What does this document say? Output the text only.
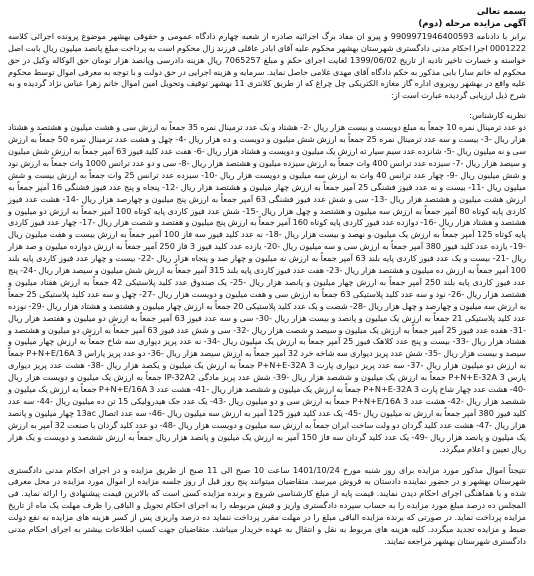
بسمه تعالی

آگهی مزایده مرحله (دوم)

برابر با دادنامه 9909971946400593 و پیرو ان مفاد برگ اجرائیه صادره از شعبه چهارم دادگاه عمومی و حقوقی بهشهر موضوع پرونده اجرائی کلاسه 0001222 اجرا احکام مدنی دادگستری شهرستان بهشهر محکوم علیه آقای ابادر عاقلی فرزند زال محکوم است به پرداخت مبلغ پانصد میلیون ریال بابت اصل خواسته و خسارت تاخیر تادیه از تاریخ 1399/06/02 لغایت اجرای حکم و مبلغ 7065257 ریال هزینه دادرسی وپانصد هزار تومان حق الوکاله وکیل در حق محکوم له خانم سارا بابی مذکور به حکم دادگاه آقای مهدی غلامی حاصل نماید. سرمایه و هزینه اجرایی در حق دولت و با توجه به معرفی اموال توسط محکوم علیه واقع در بهشهر روبروی اداره گاز مغازه الکتریکی چل چراغ که از طریق کلانتری 11 بهشهر توقیف وتحویل امین اموال خانم زهرا عباس نژاد گردیده و به شرح ذیل ارزیابی گردیده عبارت است از:

نظریه کارشناس:

دو عدد ترمینال نمره 10 جمعاً به مبلغ دویست و بیست هزار ریال -2- هشتاد و یک عدد ترمینال نمره 35 جمعاً به ارزش سی و هشت میلیون و هشتصد و هشتاد هزار ریال -3- بیست و سه عدد ترمینال نمره 25 جمعاً به ارزش شش میلیون و دویست و ده هزار ریال -4- چهل و هشت عدد ترمینال نمره 50 جمعاً به ارزش سی و نه میلیون ریال -5- شانزده عدد سیم سیار ته ارزش یک میلیون و دویست و هشتاد هزار ریال -6- هفت عدد کلید فیوز 63 آمپر جمعاً به ارزش شش میلیون و سیصد هزار ریال -7- سیزده عدد ترانس 400 وات جمعاً به ارزش سیزده میلیون و هشتصد هزار ریال -8- سی و دو عدد ترانس 1000 وات جمعاً به ارزش نود و شش میلیون ریال -9- چهار عدد ترانس 40 وات به ارزش سه میلیون و دویست هزار ریال -10- سیزده عدد ترانس 25 وات جمعاً به ارزش بیست و شش میلیون ریال -11- بیست و نه عدد فیوز فشنگی 25 آمپر جمعاً به ارزش چهار میلیون و هشتصد هزار ریال -12- پنجاه و پنج عدد فیوز فشنگی 16 آمپر جمعاً به ارزش هشت میلیون و هشتصد هزار ریال -13- سی و شش عدد فیوز فشنگی 63 آمپر جمعاً به ارزش پنج میلیون و چهارصد هزار ریال -14- هشت عدد فیوز کاردی پایه کوتاه 80 آمپر جمعاً به ارزش سه میلیون و هشتصد و چهل هزار ریال -15- شش عدد فیوز کاردی پایه کوتاه 100 آمپر جمعاً به ارزش دو میلیون و هشتصد و هشتاد هزار ریال -16- دوازده عدد فیوز کاردی پایه کوتاه 160 آمپر جمعاً به ارزش پنج میلیون و هفتصد و شصت هزار ریال -17- چهار عدد فیوز کاردی پایه کوتاه 125 آمپر جمعاً به ارزش یک میلیون و نهصد و بیست هزار ریال -18- نه عدد کلید فیوز سه فاز 100 آمپر جمعاً به ارزش بیست و هفت میلیون ریال -19- یازده عدد کلید فیوز 380 آمپر جمعاً به ارزش سی و سه میلیون ریال -20- یازده عدد کلید فیوز 3 فاز 250 آمپر جمعاً به ارزش دوازده میلیون و صد هزار ریال -21- بیست و یک عدد فیوز کاردی پایه بلند 63 آمپر جمعاً به ارزش نه میلیون و چهار صد و پنجاه هزار ریال -22- بیست و چهار عدد فیوز کاردی پایه بلند 100 آمپر جمعاً به ارزش ده میلیون و هشتصد هزار ریال -23- هفت عدد فیوز کاردی پایه بلند 315 آمپر جمعاً به ارزش شش میلیون و سیصد هزار ریال -24- پنج عدد فیوز کاردی پایه بلند 250 آمپر جمعاً به ارزش چهار میلیون و پانصد هزار ریال -25- یک صندوق عدد کلید پلاستیکی 42 جمعاً به ارزش هفتاد میلیون و هشتصد هزار ریال -26- نود و سه عدد کلید پلاستیکی 63 جمعاً به ارزش سی و هفت میلیون و دویست هزار ریال -27- چهل و سه عدد کلید پلاستیکی 25 جمعاً به ارزش سه میلیون و چهارصد و چهل هزار ریال -28- شصت و یک عدد کلید پلاستیکی 20 جمعاً به ارزش چهار میلیون و هشتصد و هشتاد هزار ریال -29- نوزده عدد کلید پلاستیکی 21 جمعاً به ارزش یک میلیون و پانصد و بیست هزار ریال -30- سی و سه عدد فیوز 63 آمپر جمعاً به ارزش دو میلیون و هفتصد هزار ریال -31- هفده عدد فیوز 25 آمپر جمعاً به ارزش یک میلیون و سیصد و شصت هزار ریال -32- سی و شش عدد فیوز 63 آمپر جمعاً به ارزش دو میلیون و هشتصد و هشتاد هزار ریال -33- بیست و پنج عدد کلاهک فیوز 25 آمپر جمعاً به ارزش یک میلیون ریال -34- نه عدد پریز دیواری سه شاخ جمعاً به ارزش چهار میلیون و سیصد و بیست هزار ریال -35- شش عدد پریز دیواری سه شاخه خرد 32 آمپر جمعاً به ارزش سیصد هزار ریال -36- دو عدد پریز پاراس P+N+E/16A 3 جمعاً به ارزش دو میلیون هزار ریال -37- سه عدد پریز دیواری پارت P+N+E-32A 3 جمعاً به ارزش یک میلیون و یکصد هزار ریال -38- هشت عدد پریز دیواری پارس P+N+E-32A 3 جمعاً به ارزش یک میلیون و ششصد هزار ریال -39- شش عدد پریز مادگی IP-32A2 جمعاً به ارزش یک میلیون و دویست هزار ریال -40- هشت عدد چهار شاخ پارت P+N+E-32A 3 جمعاً به ارزش یک میلیون و ششصد هزار ریال -41- هشت عدد P+N+E/16A 3 جمعاً به ارزش یک میلیون و ششصد هزار ریال -42- هشت عدد P+N+E/16A 3 جمعاً به ارزش سی و دو میلیون ریال -43- یک عدد جک هیدرولیکی 15 تن ده میلیون ریال -44- سه عدد کلید فیوز 380 آمپر جمعاً به ارزش نه میلیون ریال -45- یک عدد کلید فیوز 125 آمپر به ارزش سه میلیون ریال -46- سه عدد اتصال 13ac چهار میلیون و پانصد هزار ریال -47- هشت عدد کلید گردان دو ولت ساخت ایران جمعاً به ارزش سه میلیون و دویست هزار ریال -48- دو عدد کلید گردان با صنعت 32 آمپر به ارزش یک میلیون و پانصد هزار ریال -49- یک عدد کلید گردان سه فاز 150 آمپر به ارزش یک میلیون و پانصد هزار ریال جمعاً به ارزش ششصد و دویست و یک هزار ریال تعیین و اعلام میگردد.

نتیجتاً اموال مذکور مورد مزایده برای روز شنبه مورخ 1401/10/24 ساعت 10 صبح الی 11 صبح از طریق مزایده و در اجرای احکام مدنی دادگستری شهرستان بهشهر و در حضور نماینده دادستان به فروش میرسد. متقاضیان میتوانند پنج روز قبل از روز جلسه مزایده از اموال مورد مزایده در محل معرفی شده و با هماهنگی اجرای احکام دیدن نمایند. قیمت پایه از مبلغ کارشناسی شروع و برنده مزایده کسی است که بالاترین قیمت پیشنهادی را ارائه نماید. فی المجلس ده درصد مبلغ مورد مزایده را به حساب سپرده دادگستری واریز و فیش مربوطه را به اجرای احکام تحویل و الباقی را ظرف مهلت یک ماه از تاریخ مزایده پرداخت نماید. در صورتی که برنده مزایده الباقی مبلغ را در مهلت مقرر پرداخت ننماید ده درصد واریزی پس از کسر هزینه های مزایده به نفع دولت ضبط و مزایده تجدید میگردد. کلیه هزینه های مربوط به نقل و انتقال به عهده خریدار میباشد. متقاضیان جهت کسب اطلاعات بیشتر به اجرای احکام مدنی دادگستری شهرستان بهشهر مراجعه نمایند.
